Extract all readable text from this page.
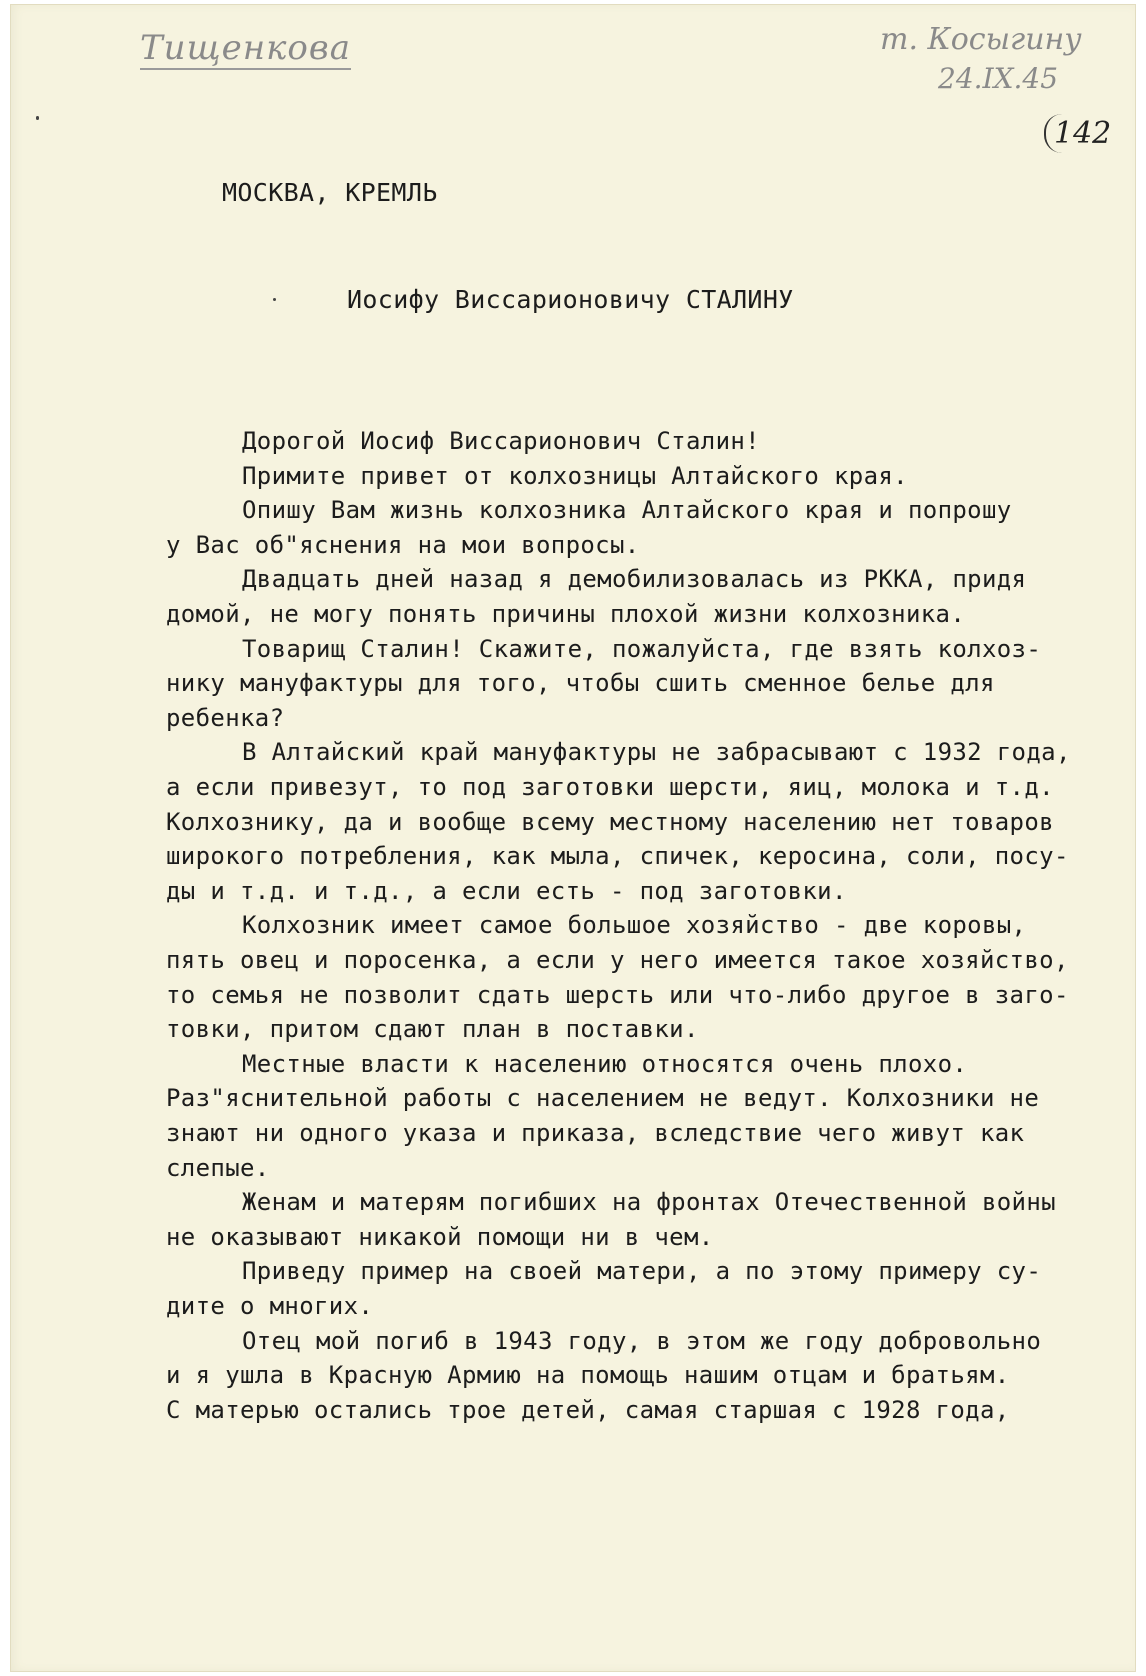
Тищенкова	т. Косыгину
24.IX.45
142
МОСКВА, КРЕМЛЬ
Иосифу Виссарионовичу СТАЛИНУ
Дорогой Иосиф Виссарионович Сталин!
Примите привет от колхозницы Алтайского края.
Опишу Вам жизнь колхозника Алтайского края и попрошу
у Вас об"яснения на мои вопросы.
Двадцать дней назад я демобилизовалась из РККА, придя
домой, не могу понять причины плохой жизни колхозника.
Товарищ Сталин! Скажите, пожалуйста, где взять колхоз-
нику мануфактуры для того, чтобы сшить сменное белье для
ребенка?
В Алтайский край мануфактуры не забрасывают с 1932 года,
а если привезут, то под заготовки шерсти, яиц, молока и т.д.
Колхознику, да и вообще всему местному населению нет товаров
широкого потребления, как мыла, спичек, керосина, соли, посу-
ды и т.д. и т.д., а если есть - под заготовки.
Колхозник имеет самое большое хозяйство - две коровы,
пять овец и поросенка, а если у него имеется такое хозяйство,
то семья не позволит сдать шерсть или что-либо другое в заго-
товки, притом сдают план в поставки.
Местные власти к населению относятся очень плохо.
Раз"яснительной работы с населением не ведут. Колхозники не
знают ни одного указа и приказа, вследствие чего живут как
слепые.
Женам и матерям погибших на фронтах Отечественной войны
не оказывают никакой помощи ни в чем.
Приведу пример на своей матери, а по этому примеру су-
дите о многих.
Отец мой погиб в 1943 году, в этом же году добровольно
и я ушла в Красную Армию на помощь нашим отцам и братьям.
С матерью остались трое детей, самая старшая с 1928 года,
